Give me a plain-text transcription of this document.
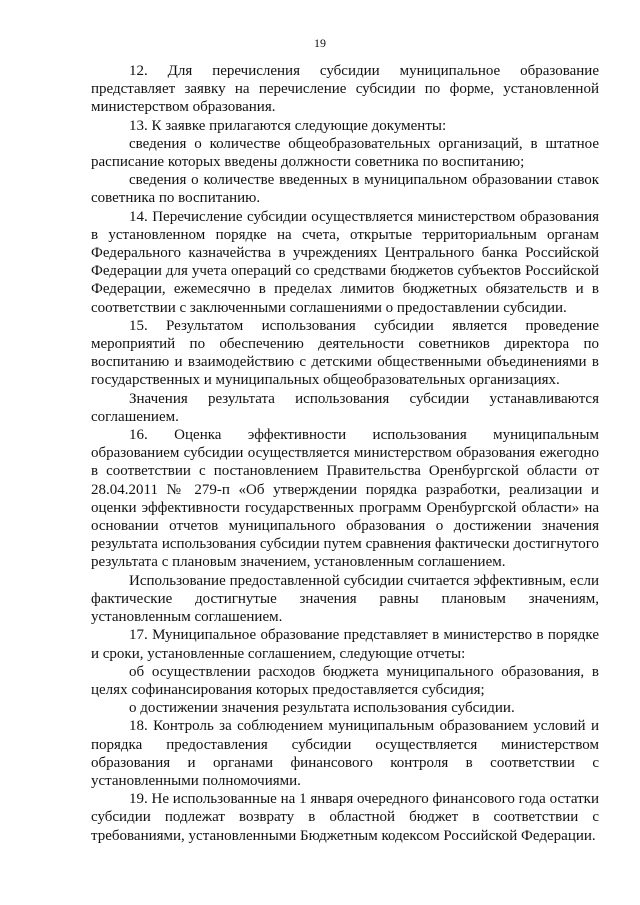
19

12. Для перечисления субсидии муниципальное образование представляет заявку на перечисление субсидии по форме, установленной министерством образования.

13. К заявке прилагаются следующие документы:

сведения о количестве общеобразовательных организаций, в штатное расписание которых введены должности советника по воспитанию;

сведения о количестве введенных в муниципальном образовании ставок советника по воспитанию.

14. Перечисление субсидии осуществляется министерством образования в установленном порядке на счета, открытые территориальным органам Федерального казначейства в учреждениях Центрального банка Российской Федерации для учета операций со средствами бюджетов субъектов Российской Федерации, ежемесячно в пределах лимитов бюджетных обязательств и в соответствии с заключенными соглашениями о предоставлении субсидии.

15. Результатом использования субсидии является проведение мероприятий по обеспечению деятельности советников директора по воспитанию и взаимодействию с детскими общественными объединениями в государственных и муниципальных общеобразовательных организациях.

Значения результата использования субсидии устанавливаются соглашением.

16. Оценка эффективности использования муниципальным образованием субсидии осуществляется министерством образования ежегодно в соответствии с постановлением Правительства Оренбургской области от 28.04.2011 № 279-п «Об утверждении порядка разработки, реализации и оценки эффективности государственных программ Оренбургской области» на основании отчетов муниципального образования о достижении значения результата использования субсидии путем сравнения фактически достигнутого результата с плановым значением, установленным соглашением.

Использование предоставленной субсидии считается эффективным, если фактические достигнутые значения равны плановым значениям, установленным соглашением.

17. Муниципальное образование представляет в министерство в порядке и сроки, установленные соглашением, следующие отчеты:

об осуществлении расходов бюджета муниципального образования, в целях софинансирования которых предоставляется субсидия;

о достижении значения результата использования субсидии.

18. Контроль за соблюдением муниципальным образованием условий и порядка предоставления субсидии осуществляется министерством образования и органами финансового контроля в соответствии с установленными полномочиями.

19. Не использованные на 1 января очередного финансового года остатки субсидии подлежат возврату в областной бюджет в соответствии с требованиями, установленными Бюджетным кодексом Российской Федерации.
